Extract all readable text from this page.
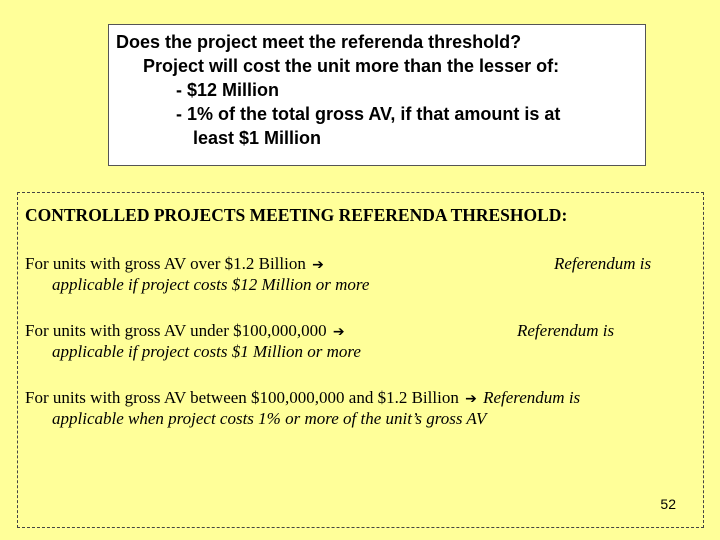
Does the project meet the referenda threshold?
Project will cost the unit more than the lesser of:
- $12 Million
- 1% of the total gross AV, if that amount is at
least $1 Million
CONTROLLED PROJECTS MEETING REFERENDA THRESHOLD:
For units with gross AV over $1.2 Billion ➔	Referendum is
applicable if project costs $12 Million or more
For units with gross AV under $100,000,000 ➔	Referendum is
applicable if project costs $1 Million or more
For units with gross AV between $100,000,000 and $1.2 Billion ➔ Referendum is
applicable when project costs 1% or more of the unit’s gross AV
52
